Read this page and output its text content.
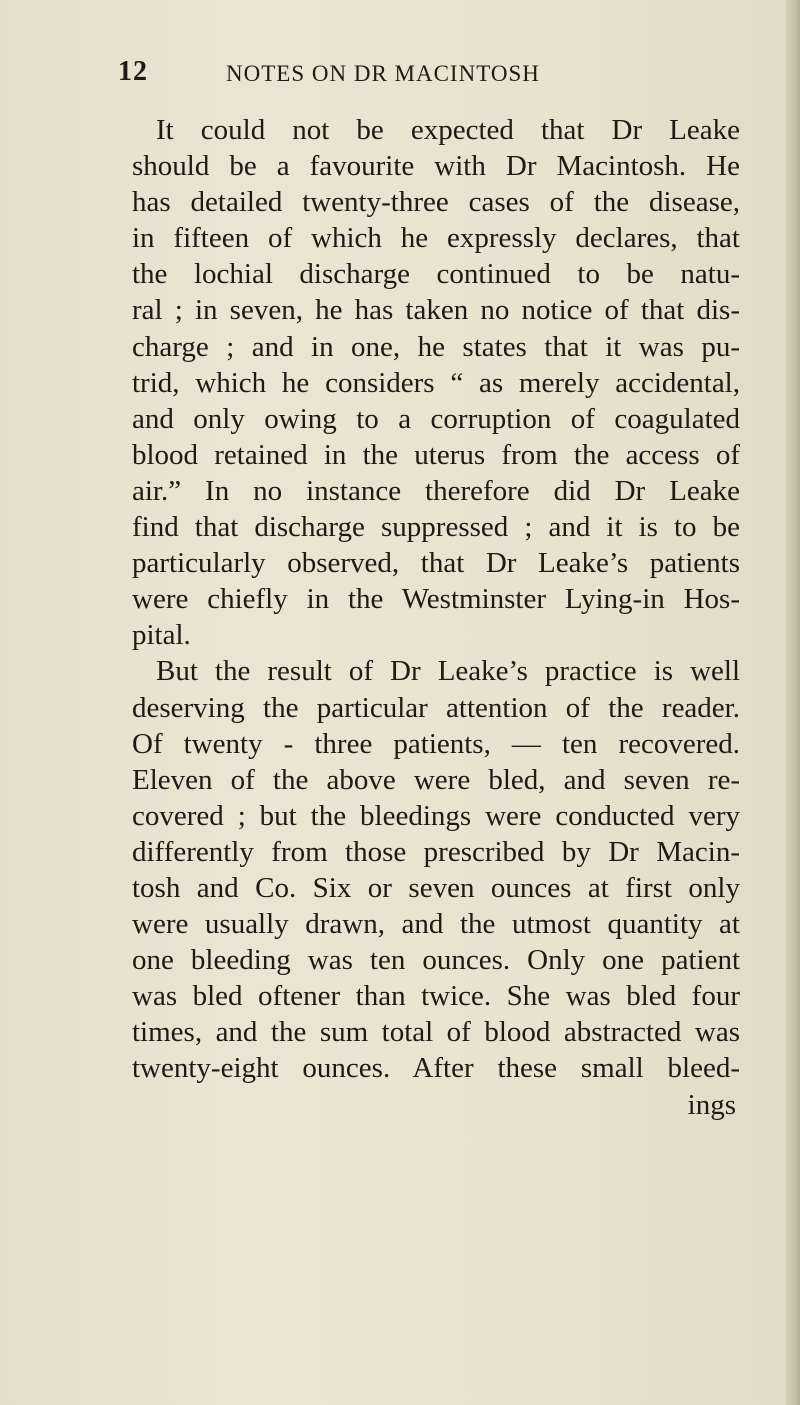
12	NOTES ON DR MACINTOSH
It could not be expected that Dr Leake
should be a favourite with Dr Macintosh. He
has detailed twenty-three cases of the disease,
in fifteen of which he expressly declares, that
the lochial discharge continued to be natu-
ral ; in seven, he has taken no notice of that dis-
charge ; and in one, he states that it was pu-
trid, which he considers “ as merely accidental,
and only owing to a corruption of coagulated
blood retained in the uterus from the access of
air.” In no instance therefore did Dr Leake
find that discharge suppressed ; and it is to be
particularly observed, that Dr Leake’s patients
were chiefly in the Westminster Lying-in Hos-
pital.
But the result of Dr Leake’s practice is well
deserving the particular attention of the reader.
Of twenty - three patients, — ten recovered.
Eleven of the above were bled, and seven re-
covered ; but the bleedings were conducted very
differently from those prescribed by Dr Macin-
tosh and Co. Six or seven ounces at first only
were usually drawn, and the utmost quantity at
one bleeding was ten ounces. Only one patient
was bled oftener than twice. She was bled four
times, and the sum total of blood abstracted was
twenty-eight ounces. After these small bleed-
ings
